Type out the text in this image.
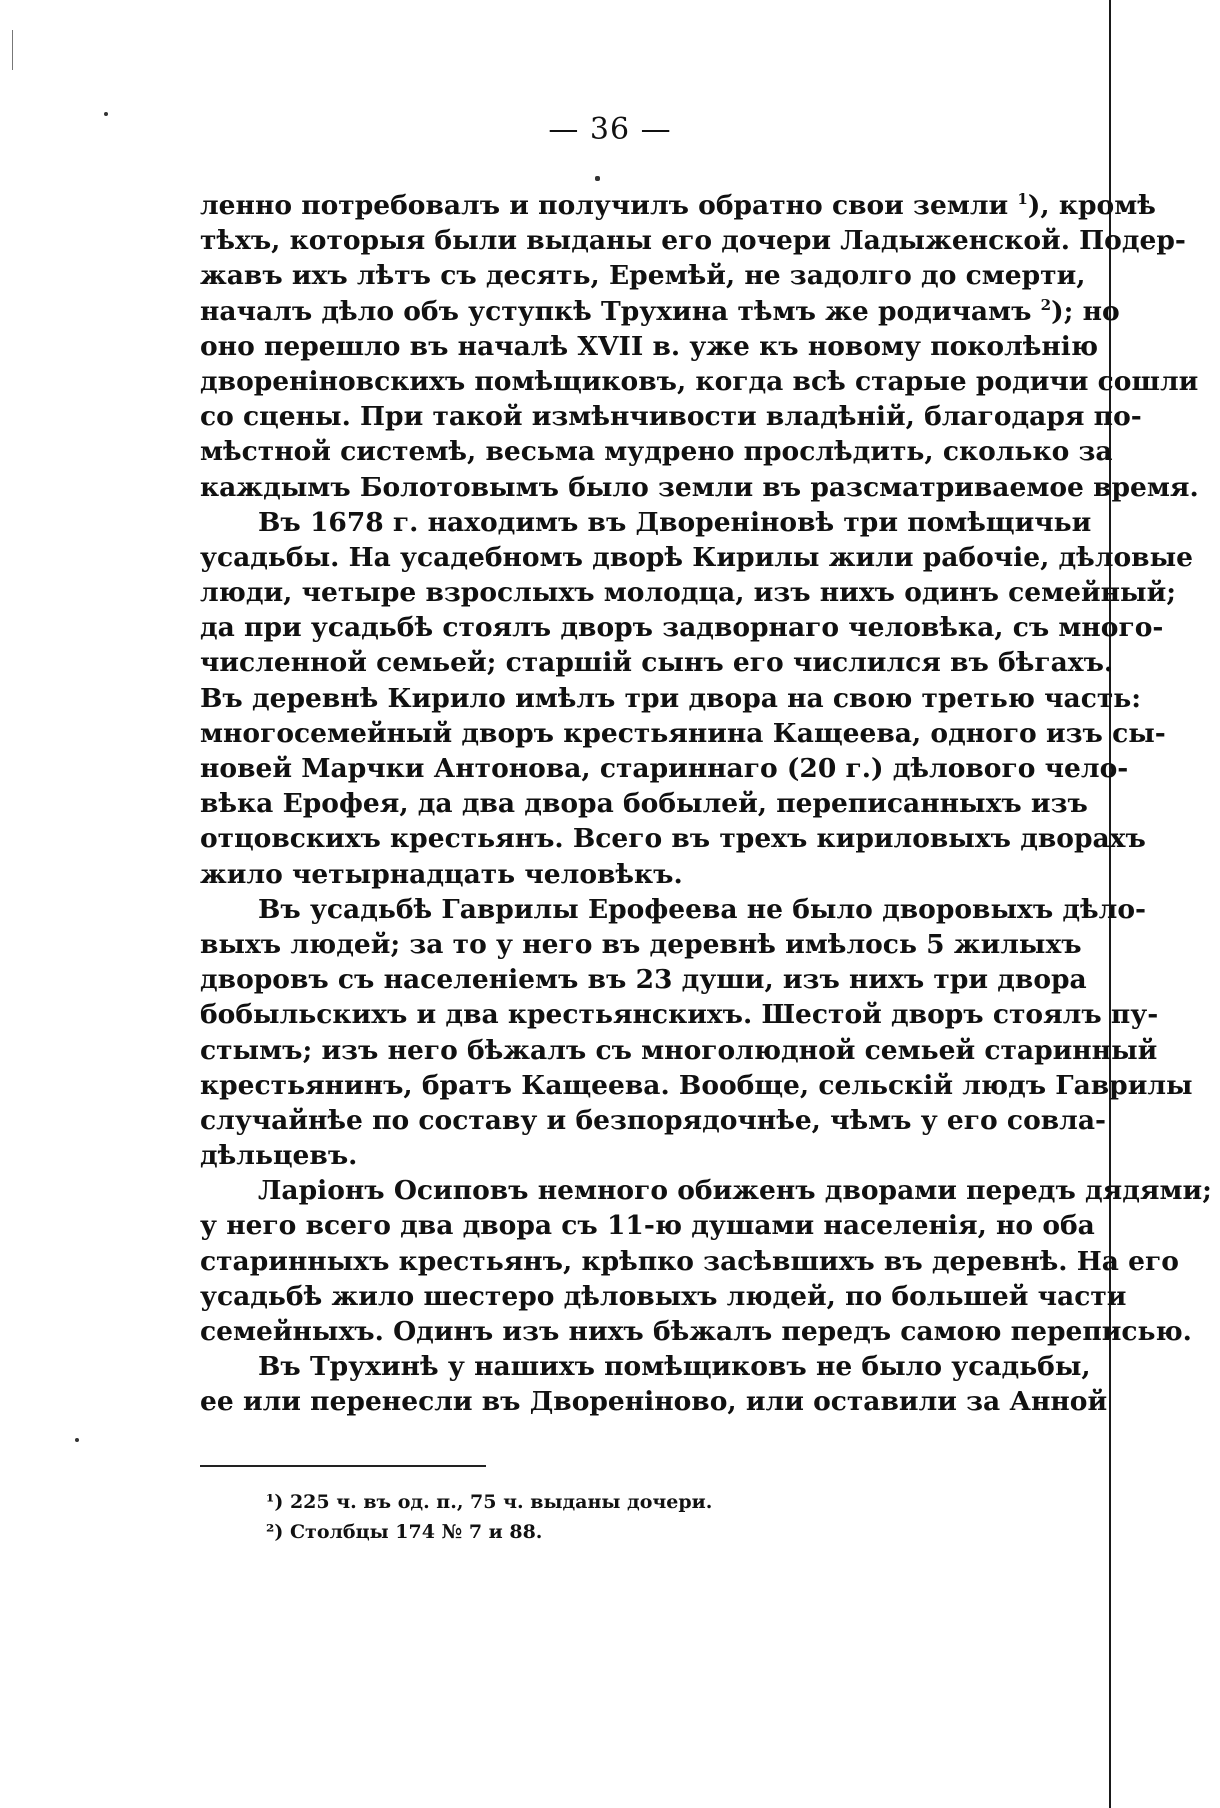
— 36 —
ленно потребовалъ и получилъ обратно свои земли $^1$), кромѣ
тѣхъ, которыя были выданы его дочери Ладыженской. Подер-
жавъ ихъ лѣтъ съ десять, Еремѣй, не задолго до смерти,
началъ дѣло объ уступкѣ Трухина тѣмъ же родичамъ $^2$); но
оно перешло въ началѣ XVII в. уже къ новому поколѣнію
двореніновскихъ помѣщиковъ, когда всѣ старые родичи сошли
со сцены. При такой измѣнчивости владѣній, благодаря по-
мѣстной системѣ, весьма мудрено прослѣдить, сколько за
каждымъ Болотовымъ было земли въ разсматриваемое время.
Въ 1678 г. находимъ въ Двореніновѣ три помѣщичьи
усадьбы. На усадебномъ дворѣ Кирилы жили рабочіе, дѣловые
люди, четыре взрослыхъ молодца, изъ нихъ одинъ семейный;
да при усадьбѣ стоялъ дворъ задворнаго человѣка, съ много-
численной семьей; старшій сынъ его числился въ бѣгахъ.
Въ деревнѣ Кирило имѣлъ три двора на свою третью часть:
многосемейный дворъ крестьянина Кащеева, одного изъ сы-
новей Марчки Антонова, стариннаго (20 г.) дѣлового чело-
вѣка Ерофея, да два двора бобылей, переписанныхъ изъ
отцовскихъ крестьянъ. Всего въ трехъ кириловыхъ дворахъ
жило четырнадцать человѣкъ.
Въ усадьбѣ Гаврилы Ерофеева не было дворовыхъ дѣло-
выхъ людей; за то у него въ деревнѣ имѣлось 5 жилыхъ
дворовъ съ населеніемъ въ 23 души, изъ нихъ три двора
бобыльскихъ и два крестьянскихъ. Шестой дворъ стоялъ пу-
стымъ; изъ него бѣжалъ съ многолюдной семьей старинный
крестьянинъ, братъ Кащеева. Вообще, сельскій людъ Гаврилы
случайнѣе по составу и безпорядочнѣе, чѣмъ у его совла-
дѣльцевъ.
Ларіонъ Осиповъ немного обиженъ дворами передъ дядями;
у него всего два двора съ 11-ю душами населенія, но оба
старинныхъ крестьянъ, крѣпко засѣвшихъ въ деревнѣ. На его
усадьбѣ жило шестеро дѣловыхъ людей, по большей части
семейныхъ. Одинъ изъ нихъ бѣжалъ передъ самою переписью.
Въ Трухинѣ у нашихъ помѣщиковъ не было усадьбы,
ее или перенесли въ Двореніново, или оставили за Анной
¹) 225 ч. въ од. п., 75 ч. выданы дочери.
²) Столбцы 174 № 7 и 88.
